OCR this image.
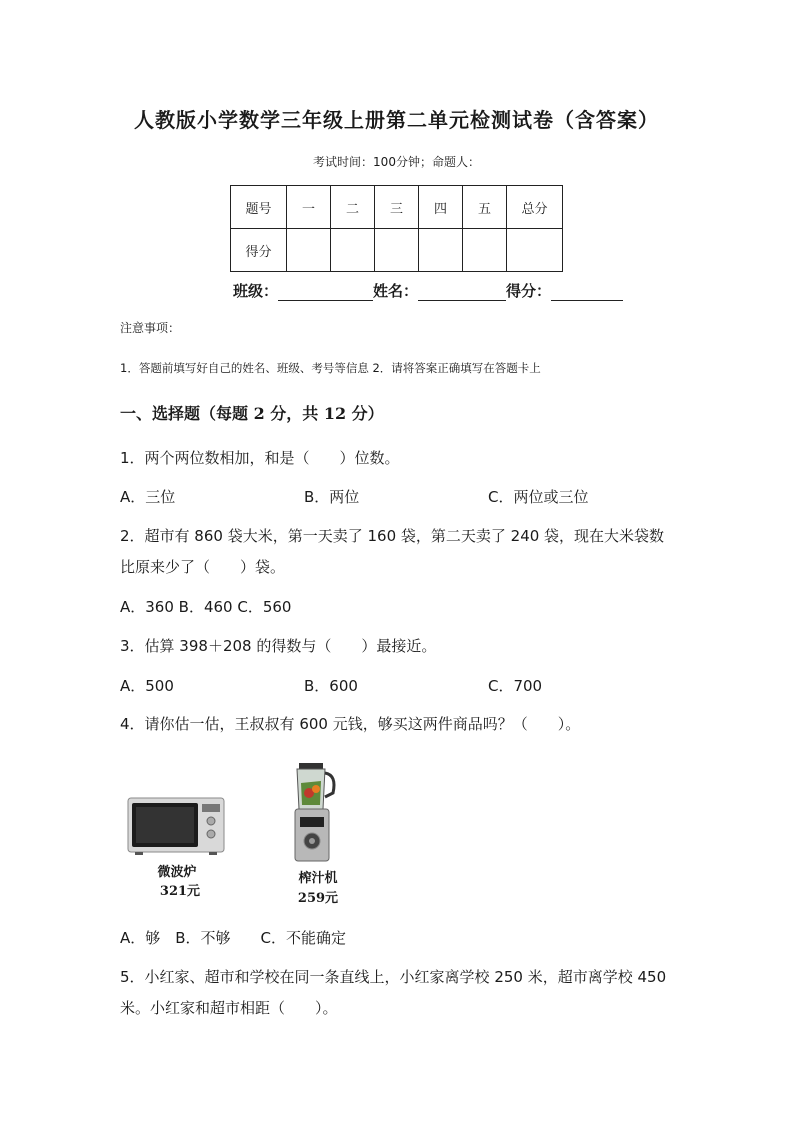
人教版小学数学三年级上册第二单元检测试卷（含答案）
考试时间：100分钟；命题人：
题号	一	二	三	四	五	总分
得分						
班级：	姓名：	得分：
注意事项：
1．答题前填写好自己的姓名、班级、考号等信息 2．请将答案正确填写在答题卡上
一、选择题（每题 2 分，共 12 分）
1．两个两位数相加，和是（　　）位数。
A．三位	B．两位	C．两位或三位
2．超市有 860 袋大米，第一天卖了 160 袋，第二天卖了 240 袋，现在大米袋数
比原来少了（　　）袋。
A．360 B．460 C．560
3．估算 398＋208 的得数与（　　）最接近。
A．500	B．600	C．700
4．请你估一估，王叔叔有 600 元钱，够买这两件商品吗？（　　）。
微波炉
321元
榨汁机
259元
A．够　B．不够　　C．不能确定
5．小红家、超市和学校在同一条直线上，小红家离学校 250 米，超市离学校 450
米。小红家和超市相距（　　）。
